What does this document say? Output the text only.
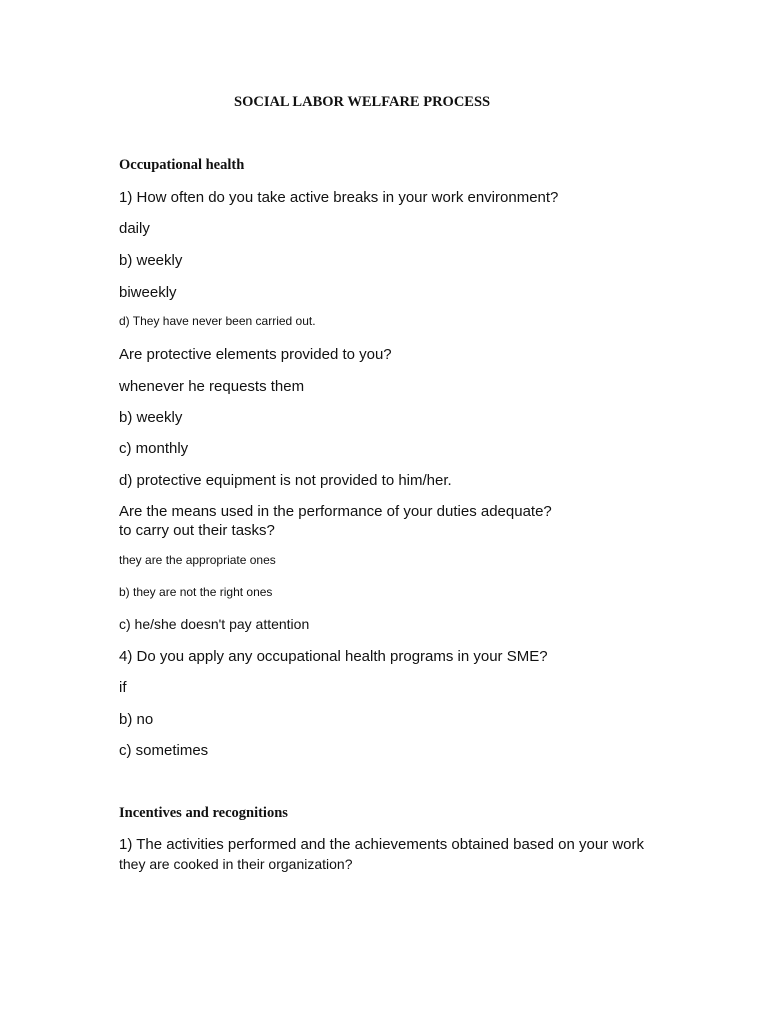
SOCIAL LABOR WELFARE PROCESS

Occupational health

1) How often do you take active breaks in your work environment?

daily

b) weekly

biweekly

d) They have never been carried out.

Are protective elements provided to you?

whenever he requests them

b) weekly

c) monthly

d) protective equipment is not provided to him/her.

Are the means used in the performance of your duties adequate?

to carry out their tasks?

they are the appropriate ones

b) they are not the right ones

c) he/she doesn't pay attention

4) Do you apply any occupational health programs in your SME?

if

b) no

c) sometimes

Incentives and recognitions

1) The activities performed and the achievements obtained based on your work

they are cooked in their organization?
